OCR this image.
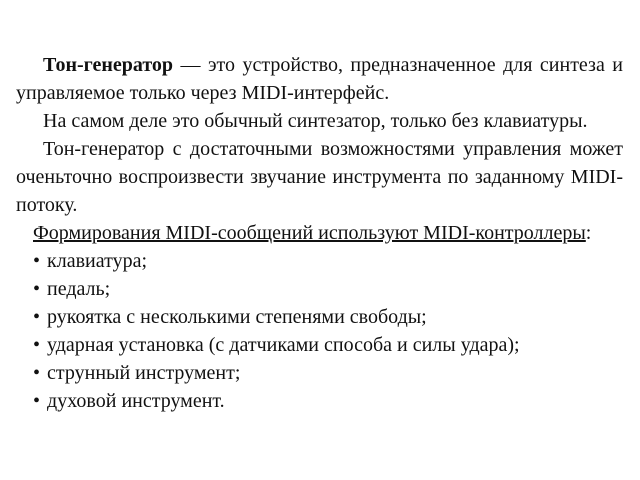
Тон-генератор — это устройство, предназначенное для синтеза и управляемое только через MIDI-интерфейс.

На самом деле это обычный синтезатор, только без клавиатуры.

Тон-генератор с достаточными возможностями управления может оченьточно воспроизвести звучание инструмента по заданному MIDI-потоку.

Формирования MIDI-сообщений используют MIDI-контроллеры:

• клавиатура;
• педаль;
• рукоятка с несколькими степенями свободы;
• ударная установка (с датчиками способа и силы удара);
• струнный инструмент;
• духовой инструмент.
